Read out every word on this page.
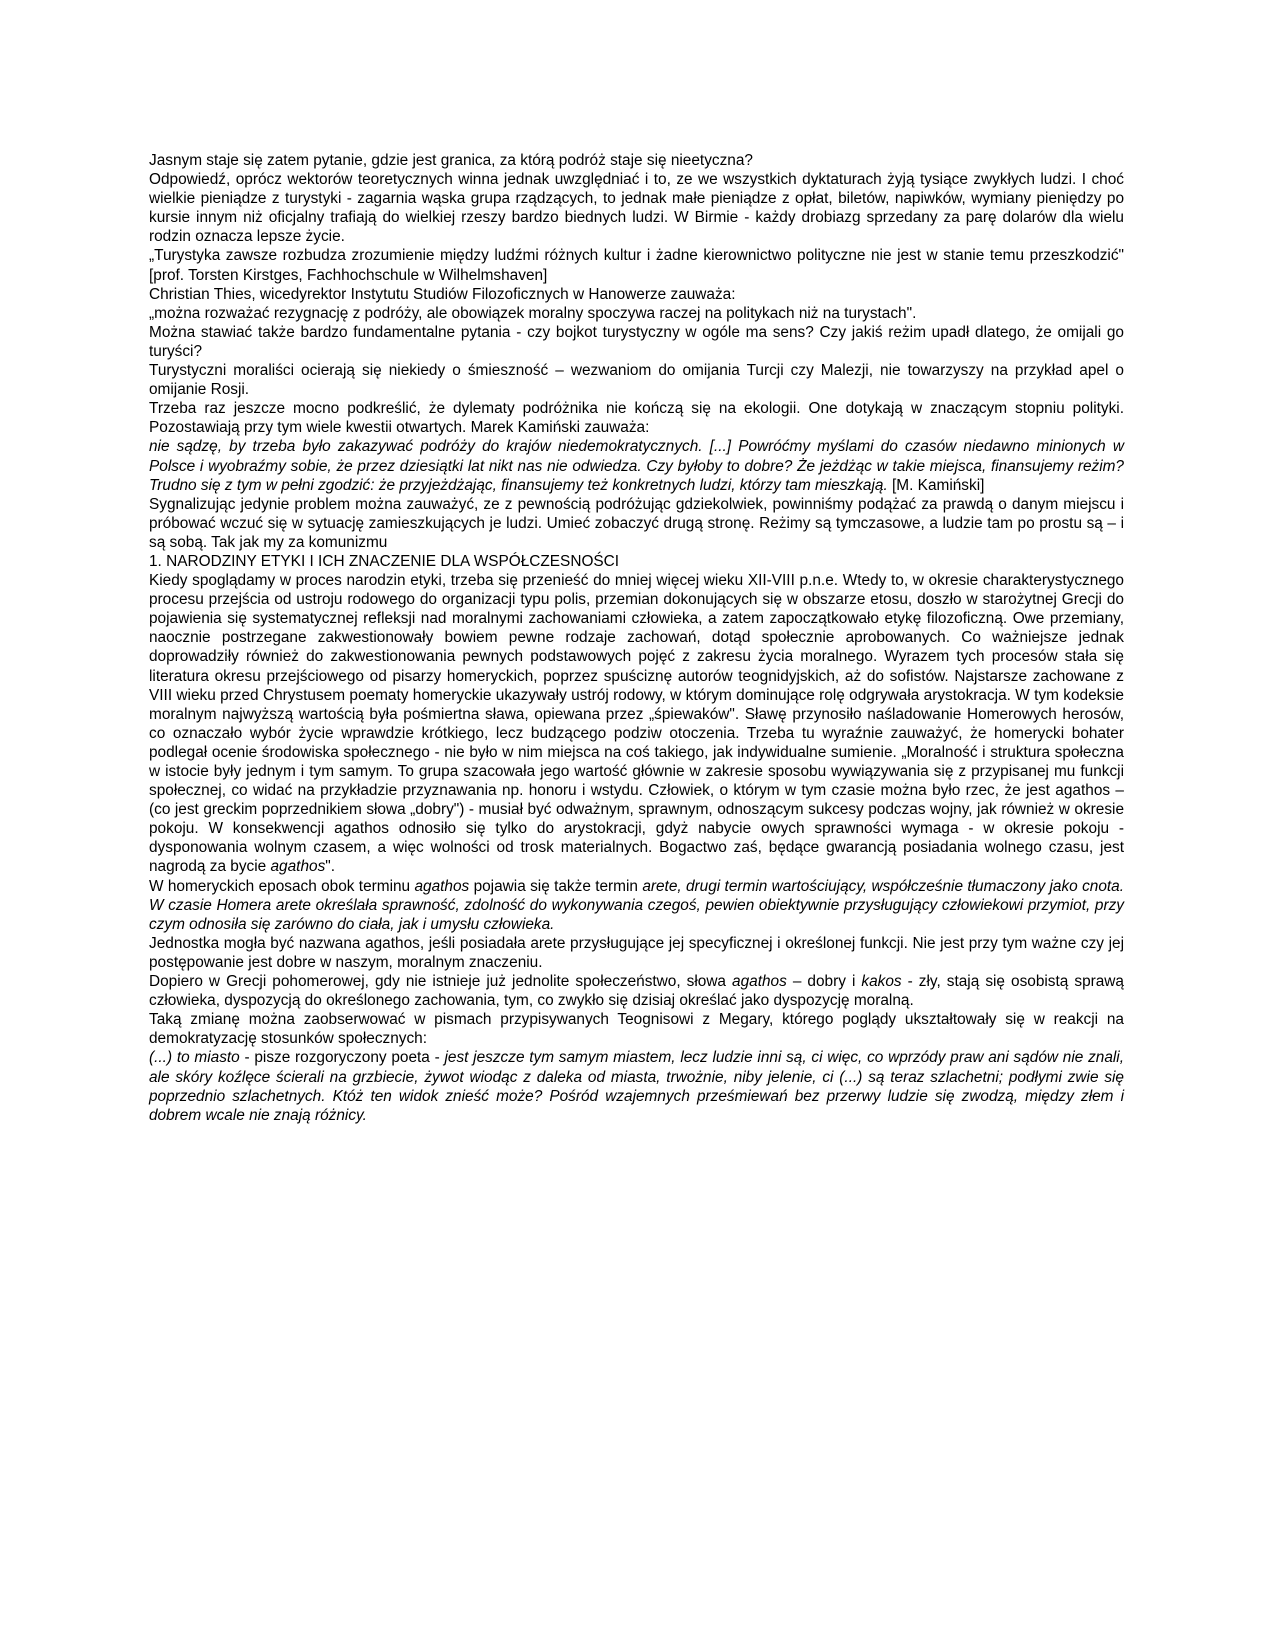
Jasnym staje się zatem pytanie, gdzie jest granica, za którą podróż staje się nieetyczna?

Odpowiedź, oprócz wektorów teoretycznych winna jednak uwzględniać i to, ze we wszystkich dyktaturach żyją tysiące zwykłych ludzi. I choć wielkie pieniądze z turystyki - zagarnia wąska grupa rządzących, to jednak małe pieniądze z opłat, biletów, napiwków, wymiany pieniędzy po kursie innym niż oficjalny trafiają do wielkiej rzeszy bardzo biednych ludzi. W Birmie - każdy drobiazg sprzedany za parę dolarów dla wielu rodzin oznacza lepsze życie.

„Turystyka zawsze rozbudza zrozumienie między ludźmi różnych kultur i żadne kierownictwo polityczne nie jest w stanie temu przeszkodzić" [prof. Torsten Kirstges, Fachhochschule w Wilhelmshaven]

Christian Thies, wicedyrektor Instytutu Studiów Filozoficznych w Hanowerze zauważa:

„można rozważać rezygnację z podróży, ale obowiązek moralny spoczywa raczej na politykach niż na turystach".

Można stawiać także bardzo fundamentalne pytania - czy bojkot turystyczny w ogóle ma sens? Czy jakiś reżim upadł dlatego, że omijali go turyści?

Turystyczni moraliści ocierają się niekiedy o śmieszność – wezwaniom do omijania Turcji czy Malezji, nie towarzyszy na przykład apel o omijanie Rosji.

Trzeba raz jeszcze mocno podkreślić, że dylematy podróżnika nie kończą się na ekologii. One dotykają w znaczącym stopniu polityki. Pozostawiają przy tym wiele kwestii otwartych. Marek Kamiński zauważa:

nie sądzę, by trzeba było zakazywać podróży do krajów niedemokratycznych. [...] Powróćmy myślami do czasów niedawno minionych w Polsce i wyobraźmy sobie, że przez dziesiątki lat nikt nas nie odwiedza. Czy byłoby to dobre? Że jeżdżąc w takie miejsca, finansujemy reżim? Trudno się z tym w pełni zgodzić: że przyjeżdżając, finansujemy też konkretnych ludzi, którzy tam mieszkają. [M. Kamiński]

Sygnalizując jedynie problem można zauważyć, ze z pewnością podróżując gdziekolwiek, powinniśmy podążać za prawdą o danym miejscu i próbować wczuć się w sytuację zamieszkujących je ludzi. Umieć zobaczyć drugą stronę. Reżimy są tymczasowe, a ludzie tam po prostu są – i są sobą. Tak jak my za komunizmu

1. NARODZINY ETYKI I ICH ZNACZENIE DLA WSPÓŁCZESNOŚCI

Kiedy spoglądamy w proces narodzin etyki, trzeba się przenieść do mniej więcej wieku XII-VIII p.n.e. Wtedy to, w okresie charakterystycznego procesu przejścia od ustroju rodowego do organizacji typu polis, przemian dokonujących się w obszarze etosu, doszło w starożytnej Grecji do pojawienia się systematycznej refleksji nad moralnymi zachowaniami człowieka, a zatem zapoczątkowało etykę filozoficzną. Owe przemiany, naocznie postrzegane zakwestionowały bowiem pewne rodzaje zachowań, dotąd społecznie aprobowanych. Co ważniejsze jednak doprowadziły również do zakwestionowania pewnych podstawowych pojęć z zakresu życia moralnego. Wyrazem tych procesów stała się literatura okresu przejściowego od pisarzy homeryckich, poprzez spuściznę autorów teognidyjskich, aż do sofistów. Najstarsze zachowane z VIII wieku przed Chrystusem poematy homeryckie ukazywały ustrój rodowy, w którym dominujące rolę odgrywała arystokracja. W tym kodeksie moralnym najwyższą wartością była pośmiertna sława, opiewana przez „śpiewaków". Sławę przynosiło naśladowanie Homerowych herosów, co oznaczało wybór życie wprawdzie krótkiego, lecz budzącego podziw otoczenia. Trzeba tu wyraźnie zauważyć, że homerycki bohater podlegał ocenie środowiska społecznego - nie było w nim miejsca na coś takiego, jak indywidualne sumienie. „Moralność i struktura społeczna w istocie były jednym i tym samym. To grupa szacowała jego wartość głównie w zakresie sposobu wywiązywania się z przypisanej mu funkcji społecznej, co widać na przykładzie przyznawania np. honoru i wstydu. Człowiek, o którym w tym czasie można było rzec, że jest agathos – (co jest greckim poprzednikiem słowa „dobry") - musiał być odważnym, sprawnym, odnoszącym sukcesy podczas wojny, jak również w okresie pokoju. W konsekwencji agathos odnosiło się tylko do arystokracji, gdyż nabycie owych sprawności wymaga - w okresie pokoju - dysponowania wolnym czasem, a więc wolności od trosk materialnych. Bogactwo zaś, będące gwarancją posiadania wolnego czasu, jest nagrodą za bycie agathos".

W homeryckich eposach obok terminu agathos pojawia się także termin arete, drugi termin wartościujący, współcześnie tłumaczony jako cnota. W czasie Homera arete określała sprawność, zdolność do wykonywania czegoś, pewien obiektywnie przysługujący człowiekowi przymiot, przy czym odnosiła się zarówno do ciała, jak i umysłu człowieka.

Jednostka mogła być nazwana agathos, jeśli posiadała arete przysługujące jej specyficznej i określonej funkcji. Nie jest przy tym ważne czy jej postępowanie jest dobre w naszym, moralnym znaczeniu.

Dopiero w Grecji pohomerowej, gdy nie istnieje już jednolite społeczeństwo, słowa agathos – dobry i kakos - zły, stają się osobistą sprawą człowieka, dyspozycją do określonego zachowania, tym, co zwykło się dzisiaj określać jako dyspozycję moralną.

Taką zmianę można zaobserwować w pismach przypisywanych Teognisowi z Megary, którego poglądy ukształtowały się w reakcji na demokratyzację stosunków społecznych:

(...) to miasto - pisze rozgoryczony poeta - jest jeszcze tym samym miastem, lecz ludzie inni są, ci więc, co wprzódy praw ani sądów nie znali, ale skóry koźlęce ścierali na grzbiecie, żywot wiodąc z daleka od miasta, trwożnie, niby jelenie, ci (...) są teraz szlachetni; podłymi zwie się poprzednio szlachetnych. Któż ten widok znieść może? Pośród wzajemnych prześmiewań bez przerwy ludzie się zwodzą, między złem i dobrem wcale nie znają różnicy.
